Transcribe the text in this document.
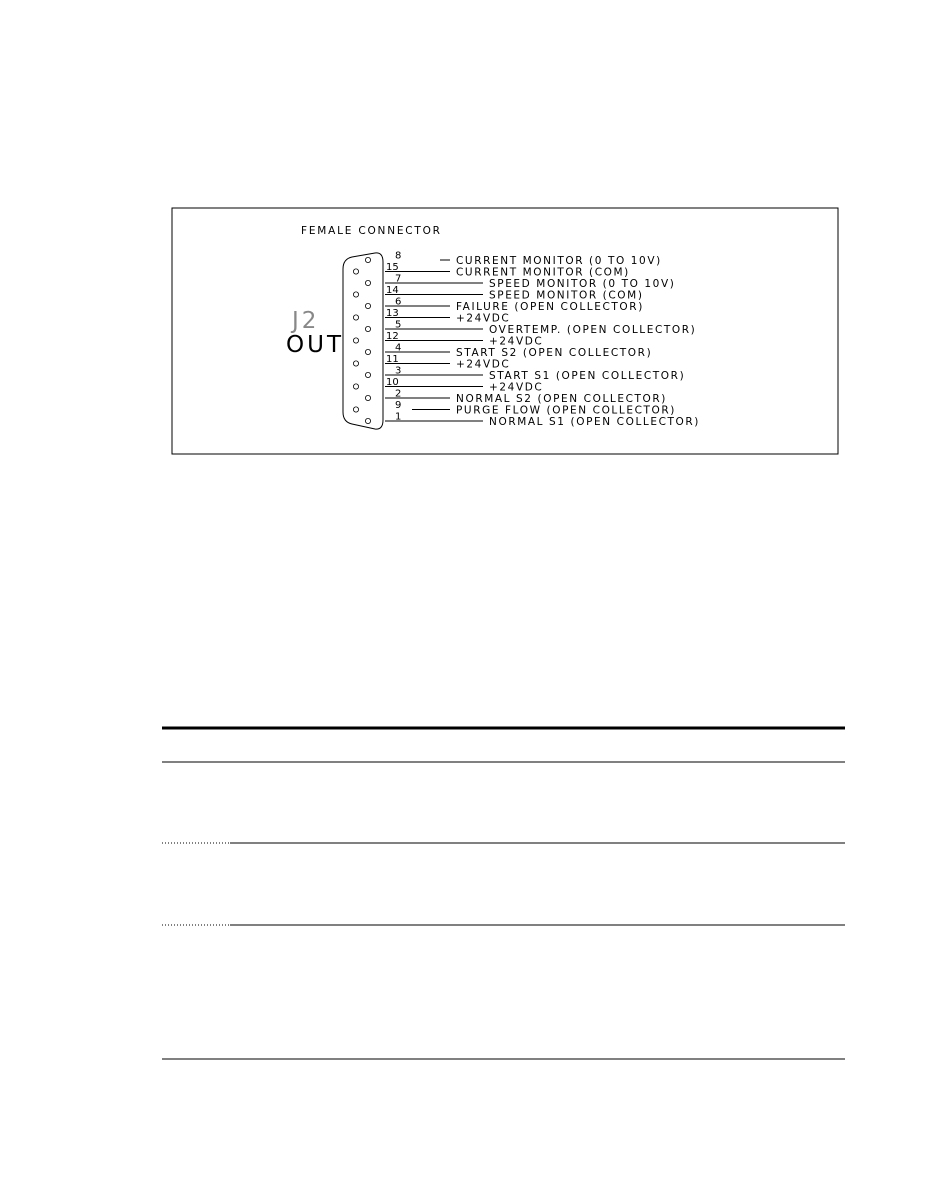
FEMALE CONNECTOR
J2
OUT
8
15
7
14
6
13
5
12
4
11
3
10
2
9
1
CURRENT MONITOR (0 TO 10V)
CURRENT MONITOR (COM)
SPEED MONITOR (0 TO 10V)
SPEED MONITOR (COM)
FAILURE (OPEN COLLECTOR)
+24VDC
OVERTEMP. (OPEN COLLECTOR)
+24VDC
START S2 (OPEN COLLECTOR)
+24VDC
START S1 (OPEN COLLECTOR)
+24VDC
NORMAL S2 (OPEN COLLECTOR)
PURGE FLOW (OPEN COLLECTOR)
NORMAL S1 (OPEN COLLECTOR)
